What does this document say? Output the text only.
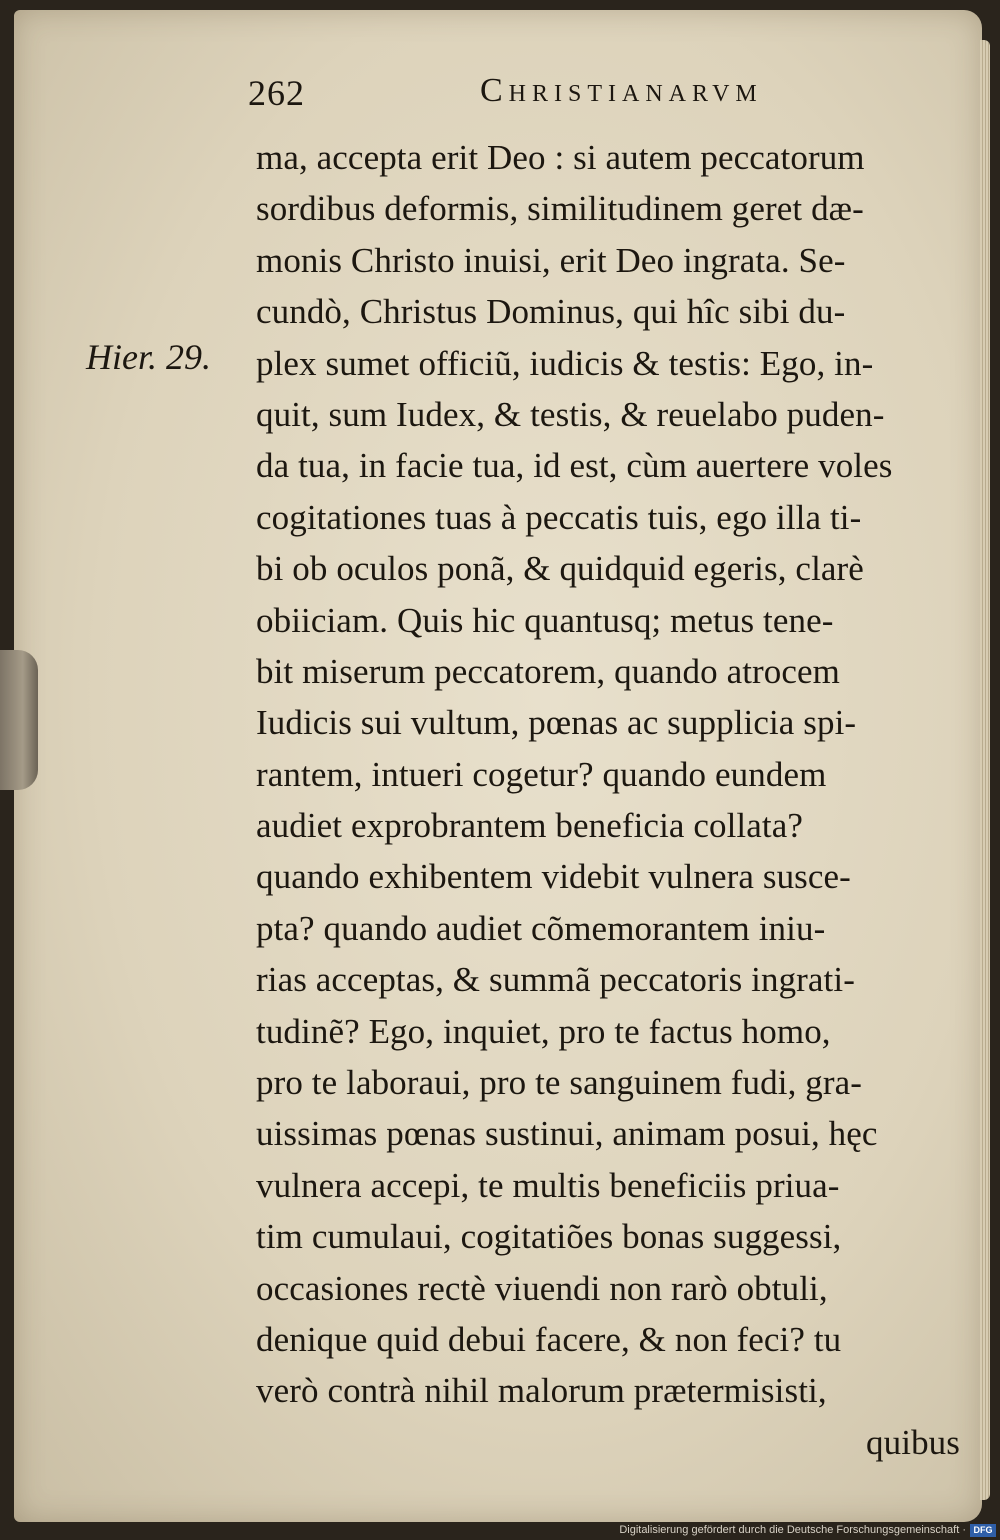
262	Christianarvm
Hier. 29.
ma, accepta erit Deo : si autem peccatorum
sordibus deformis, similitudinem geret dæ-
monis Christo inuisi, erit Deo ingrata. Se-
cundò, Christus Dominus, qui hîc sibi du-
plex sumet officiũ, iudicis & testis: Ego, in-
quit, sum Iudex, & testis, & reuelabo puden-
da tua, in facie tua, id est, cùm auertere voles
cogitationes tuas à peccatis tuis, ego illa ti-
bi ob oculos ponã, & quidquid egeris, clarè
obiiciam. Quis hic quantusq; metus tene-
bit miserum peccatorem, quando atrocem
Iudicis sui vultum, pœnas ac supplicia spi-
rantem, intueri cogetur? quando eundem
audiet exprobrantem beneficia collata?
quando exhibentem videbit vulnera susce-
pta? quando audiet cõmemorantem iniu-
rias acceptas, & summã peccatoris ingrati-
tudinẽ? Ego, inquiet, pro te factus homo,
pro te laboraui, pro te sanguinem fudi, gra-
uissimas pœnas sustinui, animam posui, hęc
vulnera accepi, te multis beneficiis priua-
tim cumulaui, cogitatiões bonas suggessi,
occasiones rectè viuendi non rarò obtuli,
denique quid debui facere, & non feci? tu
verò contrà nihil malorum prætermisisti,
quibus
Digitalisierung gefördert durch die Deutsche Forschungsgemeinschaft · DFG
